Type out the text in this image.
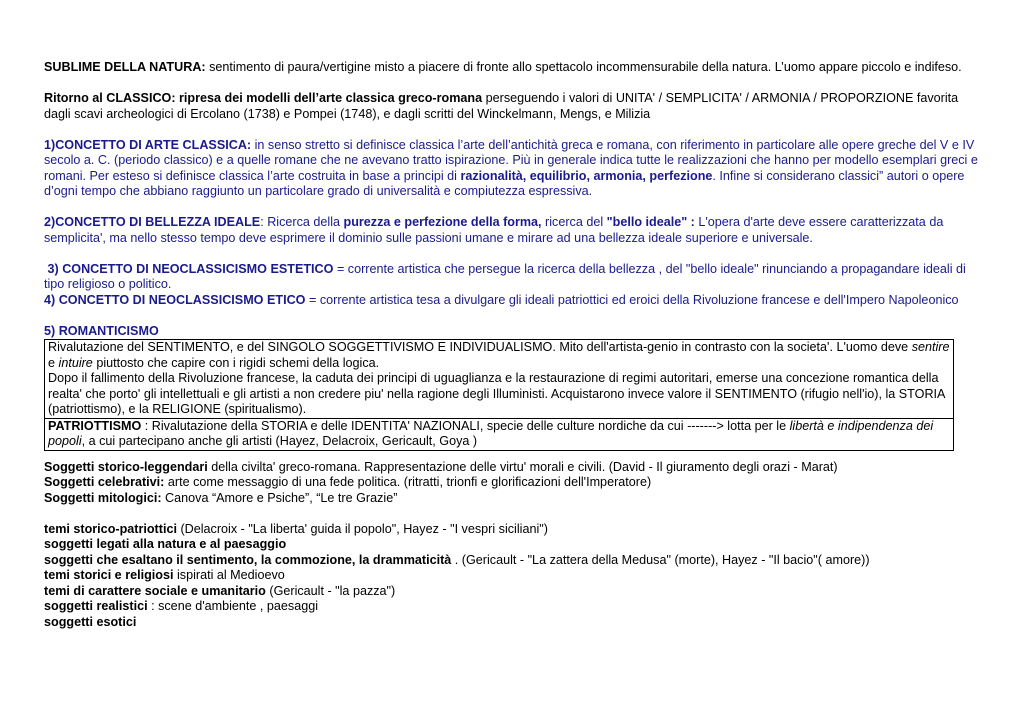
SUBLIME DELLA NATURA: sentimento di paura/vertigine misto a piacere di fronte allo spettacolo incommensurabile della natura. L’uomo appare piccolo e indifeso.

Ritorno al CLASSICO: ripresa dei modelli dell’arte classica greco-romana perseguendo i valori di UNITA' / SEMPLICITA' / ARMONIA / PROPORZIONE favorita dagli scavi archeologici di Ercolano (1738) e Pompei (1748), e dagli scritti del Winckelmann, Mengs, e Milizia

1)CONCETTO DI ARTE CLASSICA: in senso stretto si definisce classica l’arte dell’antichità greca e romana, con riferimento in particolare alle opere greche del V e IV secolo a. C. (periodo classico) e a quelle romane che ne avevano tratto ispirazione. Più in generale indica tutte le realizzazioni che hanno per modello esemplari greci e romani. Per esteso si definisce classica l’arte costruita in base a principi di razionalità, equilibrio, armonia, perfezione. Infine si considerano classici” autori o opere d’ogni tempo che abbiano raggiunto un particolare grado di universalità e compiutezza espressiva.

2)CONCETTO DI BELLEZZA IDEALE: Ricerca della purezza e perfezione della forma, ricerca del "bello ideale" : L'opera d'arte deve essere caratterizzata da semplicita', ma nello stesso tempo deve esprimere il dominio sulle passioni umane e mirare ad una bellezza ideale superiore e universale.

3) CONCETTO DI NEOCLASSICISMO ESTETICO = corrente artistica che persegue la ricerca della bellezza , del "bello ideale" rinunciando a propagandare ideali di tipo religioso o politico.

4) CONCETTO DI NEOCLASSICISMO ETICO = corrente artistica tesa a divulgare gli ideali patriottici ed eroici della Rivoluzione francese e dell'Impero Napoleonico

5) ROMANTICISMO

Rivalutazione del SENTIMENTO, e del SINGOLO SOGGETTIVISMO E INDIVIDUALISMO. Mito dell'artista-genio in contrasto con la societa'. L'uomo deve sentire e intuire piuttosto che capire con i rigidi schemi della logica.

Dopo il fallimento della Rivoluzione francese, la caduta dei principi di uguaglianza e la restaurazione di regimi autoritari, emerse una concezione romantica della realta' che porto' gli intellettuali e gli artisti a non credere piu' nella ragione degli Illuministi. Acquistarono invece valore il SENTIMENTO (rifugio nell'io), la STORIA (patriottismo), e la RELIGIONE (spiritualismo).

PATRIOTTISMO : Rivalutazione della STORIA e delle IDENTITA' NAZIONALI, specie delle culture nordiche da cui -------> lotta per le libertà e indipendenza dei popoli, a cui partecipano anche gli artisti (Hayez, Delacroix, Gericault, Goya )

Soggetti storico-leggendari della civilta' greco-romana. Rappresentazione delle virtu' morali e civili. (David - Il giuramento degli orazi - Marat)

Soggetti celebrativi: arte come messaggio di una fede politica. (ritratti, trionfi e glorificazioni dell'Imperatore)

Soggetti mitologici: Canova “Amore e Psiche”, “Le tre Grazie”

temi storico-patriottici (Delacroix - "La liberta' guida il popolo", Hayez - "I vespri siciliani")

soggetti legati alla natura e al paesaggio

soggetti che esaltano il sentimento, la commozione, la drammaticità . (Gericault - "La zattera della Medusa" (morte), Hayez - "Il bacio"( amore))

temi storici e religiosi ispirati al Medioevo

temi di carattere sociale e umanitario (Gericault - "la pazza")

soggetti realistici : scene d'ambiente , paesaggi

soggetti esotici
